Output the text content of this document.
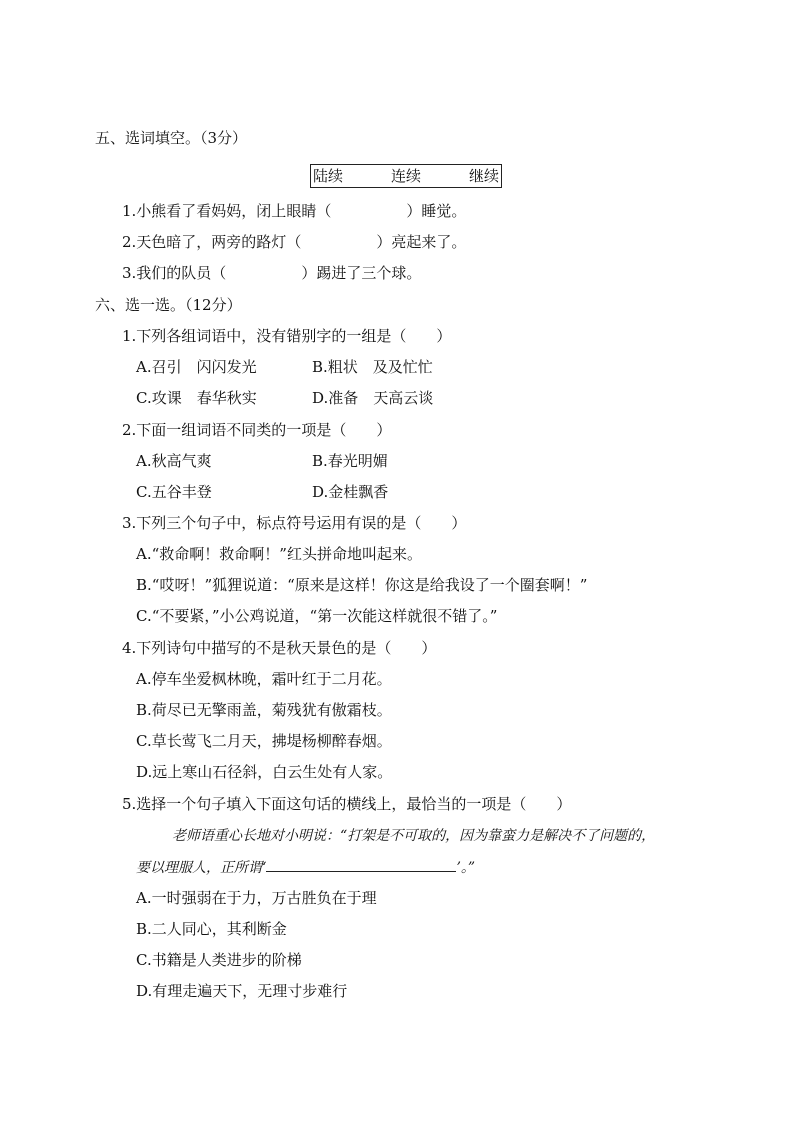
五、选词填空。（3分）
陆续	连续	继续
1.小熊看了看妈妈，闭上眼睛（　　　　　）睡觉。
2.天色暗了，两旁的路灯（　　　　　）亮起来了。
3.我们的队员（　　　　　）踢进了三个球。
六、选一选。（12分）
1.下列各组词语中，没有错别字的一组是（　　）
A.召引　闪闪发光	B.粗状　及及忙忙
C.攻课　春华秋实	D.准备　天高云谈
2.下面一组词语不同类的一项是（　　）
A.秋高气爽	B.春光明媚
C.五谷丰登	D.金桂飘香
3.下列三个句子中，标点符号运用有误的是（　　）
A.“救命啊！救命啊！”红头拼命地叫起来。
B.“哎呀！”狐狸说道：“原来是这样！你这是给我设了一个圈套啊！”
C.“不要紧，”小公鸡说道，“第一次能这样就很不错了。”
4.下列诗句中描写的不是秋天景色的是（　　）
A.停车坐爱枫林晚，霜叶红于二月花。
B.荷尽已无擎雨盖，菊残犹有傲霜枝。
C.草长莺飞二月天，拂堤杨柳醉春烟。
D.远上寒山石径斜，白云生处有人家。
5.选择一个句子填入下面这句话的横线上，最恰当的一项是（　　）
老师语重心长地对小明说：“打架是不可取的，因为靠蛮力是解决不了问题的，
要以理服人，正所谓‘	’。”
A.一时强弱在于力，万古胜负在于理
B.二人同心，其利断金
C.书籍是人类进步的阶梯
D.有理走遍天下，无理寸步难行
